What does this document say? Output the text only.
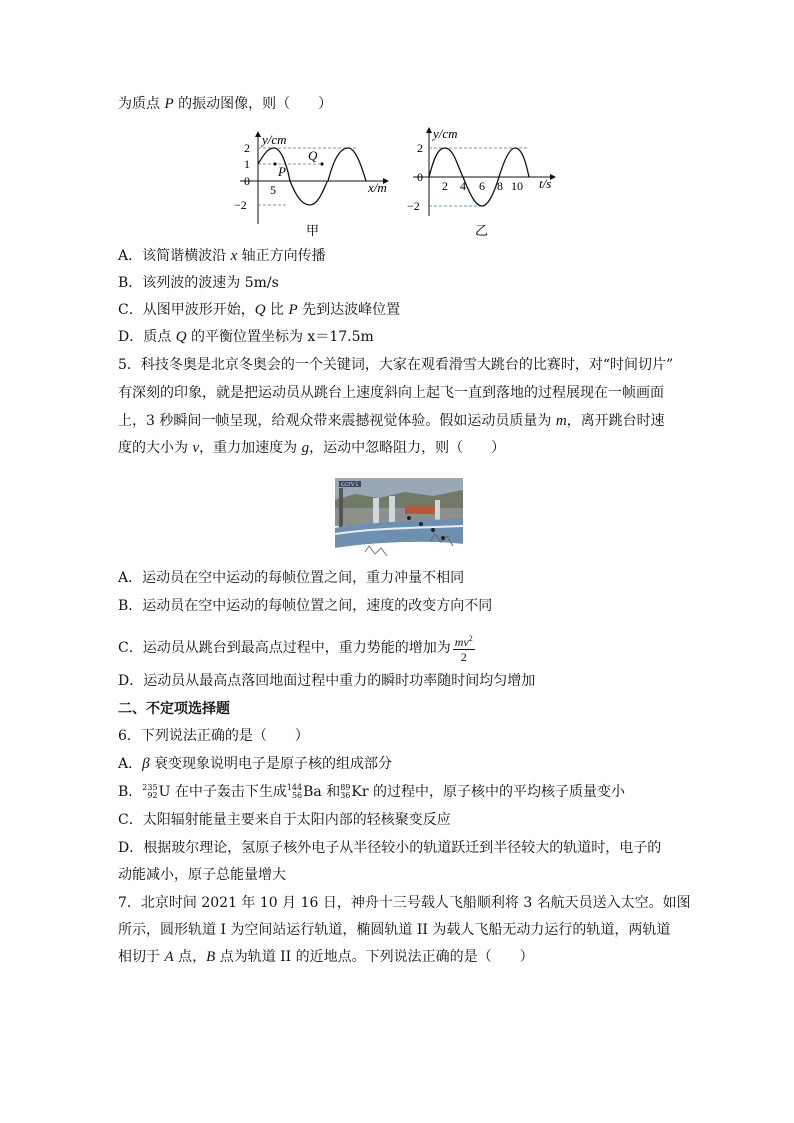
为质点 P 的振动图像，则（　　）
y/cm
x/m
2
1
0
−2
5
P
Q
甲
y/cm
t/s
2
0
−2
2 4 6 8 10
乙
A．该简谐横波沿 x 轴正方向传播
B．该列波的波速为 5m/s
C．从图甲波形开始，Q 比 P 先到达波峰位置
D．质点 Q 的平衡位置坐标为 x＝17.5m
5．科技冬奥是北京冬奥会的一个关键词，大家在观看滑雪大跳台的比赛时，对“时间切片”
有深刻的印象，就是把运动员从跳台上速度斜向上起飞一直到落地的过程展现在一帧画面
上，3 秒瞬间一帧呈现，给观众带来震撼视觉体验。假如运动员质量为 m，离开跳台时速
度的大小为 v，重力加速度为 g，运动中忽略阻力，则（　　）
CCTV 5
A．运动员在空中运动的每帧位置之间，重力冲量不相同
B．运动员在空中运动的每帧位置之间，速度的改变方向不同
C．运动员从跳台到最高点过程中，重力势能的增加为 $\frac{mv^2}{2}$
D．运动员从最高点落回地面过程中重力的瞬时功率随时间均匀增加
二、不定项选择题
6．下列说法正确的是（　　）
A．β 衰变现象说明电子是原子核的组成部分
B． 235
92 U 在中子轰击下生成 144
56 Ba 和 89
36 Kr 的过程中，原子核中的平均核子质量变小
C．太阳辐射能量主要来自于太阳内部的轻核聚变反应
D．根据玻尔理论，氢原子核外电子从半径较小的轨道跃迁到半径较大的轨道时，电子的
动能减小，原子总能量增大
7．北京时间 2021 年 10 月 16 日，神舟十三号载人飞船顺利将 3 名航天员送入太空。如图
所示，圆形轨道 I 为空间站运行轨道，椭圆轨道 II 为载人飞船无动力运行的轨道，两轨道
相切于 A 点，B 点为轨道 II 的近地点。下列说法正确的是（　　）
